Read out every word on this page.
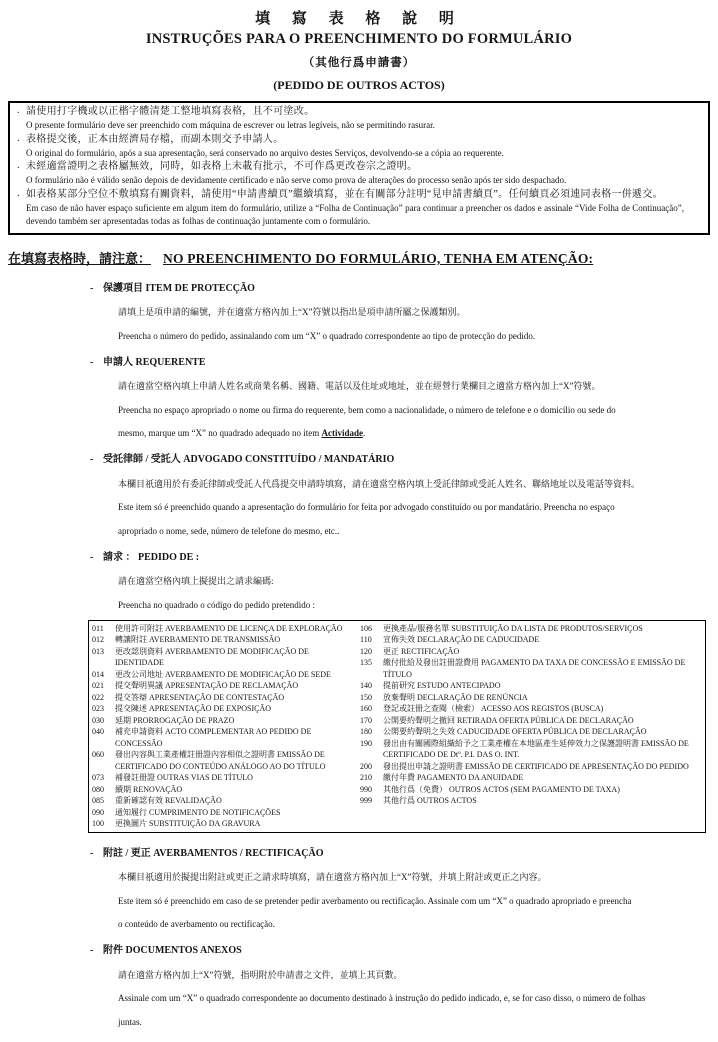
填 寫 表 格 說 明
INSTRUÇÕES PARA O PREENCHIMENTO DO FORMULÁRIO
（其他行爲申請書）
(PEDIDO DE OUTROS ACTOS)
. 請使用打字機或以正楷字體清楚工整地填寫表格，且不可塗改。
O presente formulário deve ser preenchido com máquina de escrever ou letras legíveis, não se permitindo rasurar.
. 表格提交後，正本由經濟局存檔，而副本則交予申請人。
O original do formulário, após a sua apresentação, será conservado no arquivo destes Serviços, devolvendo-se a cópia ao requerente.
. 未經適當證明之表格屬無效，同時，如表格上未載有批示，不可作爲更改卷宗之證明。
O formulário não é válido senão depois de devidamente certificado e não serve como prova de alterações do processo senão após ter sido despachado.
. 如表格某部分空位不敷填寫有關資料，請使用“申請書續頁”繼續填寫，並在有關部分註明“見申請書續頁”。任何續頁必須連同表格一併遞交。
Em caso de não haver espaço suficiente em algum item do formulário, utilize a “Folha de Continuação” para continuar a preencher os dados e assinale “Vide Folha de Continuação”, devendo também ser apresentadas todas as folhas de continuação juntamente com o formulário.
在填寫表格時，請注意： NO PREENCHIMENTO DO FORMULÁRIO, TENHA EM ATENÇÃO:
- 保護項目 ITEM DE PROTECÇÃO
請填上是項申請的編號，并在適當方格內加上“X”符號以指出是項申請所屬之保護類別。
Preencha o número do pedido, assinalando com um “X” o quadrado correspondente ao tipo de protecção do pedido.
- 申請人 REQUERENTE
請在適當空格內填上申請人姓名或商業名稱、國籍、電話以及住址或地址，並在經營行業欄目之適當方格內加上“X”符號。
Preencha no espaço apropriado o nome ou firma do requerente, bem como a nacionalidade, o número de telefone e o domicílio ou sede do
mesmo, marque um “X” no quadrado adequado no item Actividade.
- 受託律師 / 受託人 ADVOGADO CONSTITUÍDO / MANDATÁRIO
本欄目祇適用於有委託律師或受託人代爲提交申請時填寫，請在適當空格內填上受託律師或受託人姓名、聯絡地址以及電話等資料。
Este item só é preenchido quando a apresentação do formulário for feita por advogado constituído ou por mandatário. Preencha no espaço
apropriado o nome, sede, número de telefone do mesmo, etc..
- 請求 ： PEDIDO DE :
請在適當空格內填上擬提出之請求編碼:
Preencha no quadrado o código do pedido pretendido :
011	使用許可附註 AVERBAMENTO DE LICENÇA DE EXPLORAÇÃO
012	轉讓附註 AVERBAMENTO DE TRANSMISSÃO
013	更改認別資料 AVERBAMENTO DE MODIFICAÇÃO DE IDENTIDADE
014	更改公司地址 AVERBAMENTO DE MODIFICAÇÃO DE SEDE
021	提交聲明異議 APRESENTAÇÃO DE RECLAMAÇÃO
022	提交答辯 APRESENTAÇÃO DE CONTESTAÇÃO
023	提交陳述 APRESENTAÇÃO DE EXPOSIÇÃO
030	延期 PRORROGAÇÃO DE PRAZO
040	補充申請資料 ACTO COMPLEMENTAR AO PEDIDO DE CONCESSÃO
060	發出內容與工業產權註冊證內容相似之證明書 EMISSÃO DE CERTIFICADO DO CONTEÚDO ANÁLOGO AO DO TÍTULO
073	補發註冊證 OUTRAS VIAS DE TÍTULO
080	續期 RENOVAÇÃO
085	重新確認有效 REVALIDAÇÃO
090	通知履行 CUMPRIMENTO DE NOTIFICAÇÕES
100	更換圖片 SUBSTITUIÇÃO DA GRAVURA
106	更換產品/服務名單 SUBSTITUIÇÃO DA LISTA DE PRODUTOS/SERVIÇOS
110	宣佈失效 DECLARAÇÃO DE CADUCIDADE
120	更正 RECTIFICAÇÃO
135	繳付批給及發出註冊證費用 PAGAMENTO DA TAXA DE CONCESSÃO E EMISSÃO DE TÍTULO
140	提前研究 ESTUDO ANTECIPADO
150	放棄聲明 DECLARAÇÃO DE RENÚNCIA
160	登記或註冊之查閱（檢索） ACESSO AOS REGISTOS (BUSCA)
170	公開要約聲明之撤回 RETIRADA OFERTA PÚBLICA DE DECLARAÇÃO
180	公開要約聲明之失效 CADUCIDADE OFERTA PÚBLICA DE DECLARAÇÃO
190	發出由有關國際組織給予之工業產權在本地區產生延伸效力之保護證明書 EMISSÃO DE CERTIFICADO DE Dtº. P.I. DAS O. INT.
200	發出提出申請之證明書 EMISSÃO DE CERTIFICADO DE APRESENTAÇÃO DO PEDIDO
210	繳付年費 PAGAMENTO DA ANUIDADE
990	其他行爲（免費） OUTROS ACTOS (SEM PAGAMENTO DE TAXA)
999	其他行爲 OUTROS ACTOS
- 附註 / 更正 AVERBAMENTOS / RECTIFICAÇÃO
本欄目祇適用於擬提出附註或更正之請求時填寫，請在適當方格內加上“X”符號，并填上附註或更正之內容。
Este item só é preenchido em caso de se pretender pedir averbamento ou rectificação. Assinale com um “X” o quadrado apropriado e preencha
o conteúdo de averbamento ou rectificação.
- 附件 DOCUMENTOS ANEXOS
請在適當方格內加上“X”符號，指明附於申請書之文件，並填上其頁數。
Assinale com um “X” o quadrado correspondente ao documento destinado à instrução do pedido indicado, e, se for caso disso, o número de folhas
juntas.
